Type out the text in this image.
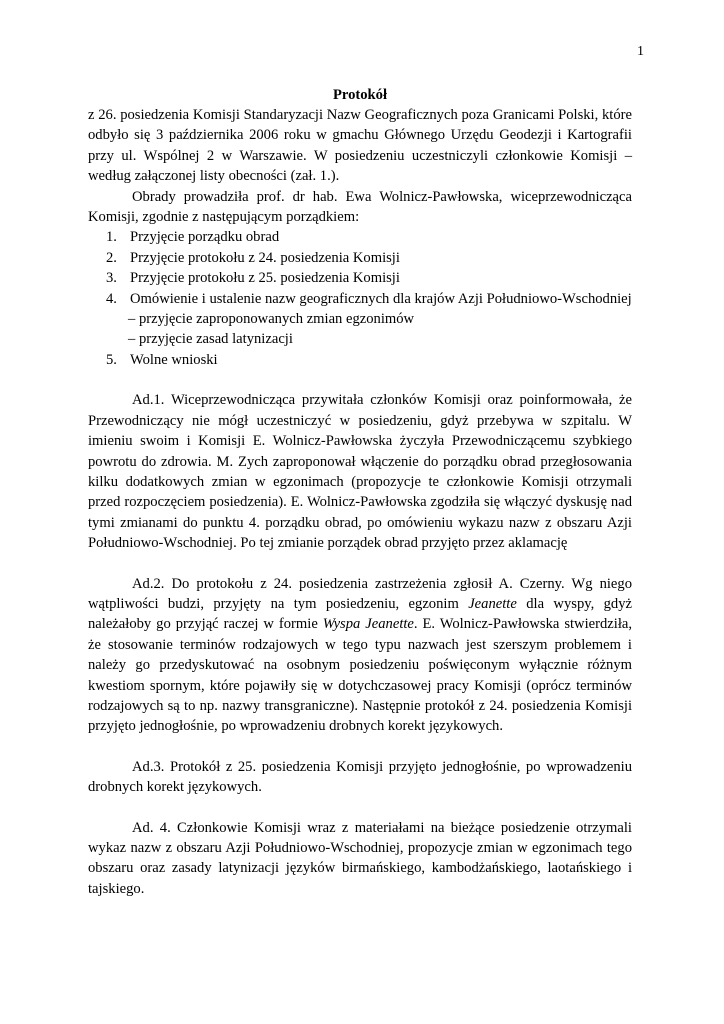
1
Protokół

z 26. posiedzenia Komisji Standaryzacji Nazw Geograficznych poza Granicami Polski, które odbyło się 3 października 2006 roku w gmachu Głównego Urzędu Geodezji i Kartografii przy ul. Wspólnej 2 w Warszawie. W posiedzeniu uczestniczyli członkowie Komisji – według załączonej listy obecności (zał. 1.).

Obrady prowadziła prof. dr hab. Ewa Wolnicz-Pawłowska, wiceprzewodnicząca Komisji, zgodnie z następującym porządkiem:

1. Przyjęcie porządku obrad
2. Przyjęcie protokołu z 24. posiedzenia Komisji
3. Przyjęcie protokołu z 25. posiedzenia Komisji
4. Omówienie i ustalenie nazw geograficznych dla krajów Azji Południowo-Wschodniej
– przyjęcie zaproponowanych zmian egzonimów
– przyjęcie zasad latynizacji
5. Wolne wnioski

Ad.1. Wiceprzewodnicząca przywitała członków Komisji oraz poinformowała, że Przewodniczący nie mógł uczestniczyć w posiedzeniu, gdyż przebywa w szpitalu. W imieniu swoim i Komisji E. Wolnicz-Pawłowska życzyła Przewodniczącemu szybkiego powrotu do zdrowia. M. Zych zaproponował włączenie do porządku obrad przegłosowania kilku dodatkowych zmian w egzonimach (propozycje te członkowie Komisji otrzymali przed rozpoczęciem posiedzenia). E. Wolnicz-Pawłowska zgodziła się włączyć dyskusję nad tymi zmianami do punktu 4. porządku obrad, po omówieniu wykazu nazw z obszaru Azji Południowo-Wschodniej. Po tej zmianie porządek obrad przyjęto przez aklamację

Ad.2. Do protokołu z 24. posiedzenia zastrzeżenia zgłosił A. Czerny. Wg niego wątpliwości budzi, przyjęty na tym posiedzeniu, egzonim Jeanette dla wyspy, gdyż należałoby go przyjąć raczej w formie Wyspa Jeanette. E. Wolnicz-Pawłowska stwierdziła, że stosowanie terminów rodzajowych w tego typu nazwach jest szerszym problemem i należy go przedyskutować na osobnym posiedzeniu poświęconym wyłącznie różnym kwestiom spornym, które pojawiły się w dotychczasowej pracy Komisji (oprócz terminów rodzajowych są to np. nazwy transgraniczne). Następnie protokół z 24. posiedzenia Komisji przyjęto jednogłośnie, po wprowadzeniu drobnych korekt językowych.

Ad.3. Protokół z 25. posiedzenia Komisji przyjęto jednogłośnie, po wprowadzeniu drobnych korekt językowych.

Ad. 4. Członkowie Komisji wraz z materiałami na bieżące posiedzenie otrzymali wykaz nazw z obszaru Azji Południowo-Wschodniej, propozycje zmian w egzonimach tego obszaru oraz zasady latynizacji języków birmańskiego, kambodżańskiego, laotańskiego i tajskiego.
